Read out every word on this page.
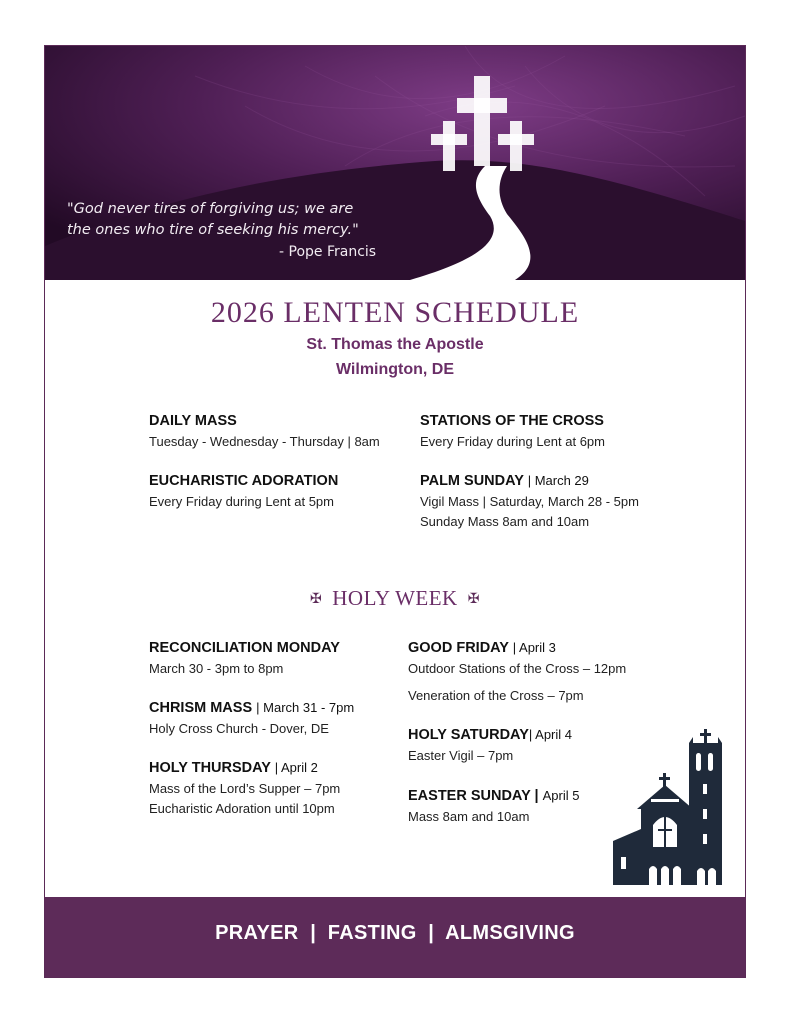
"God never tires of forgiving us; we are
the ones who tire of seeking his mercy."
- Pope Francis
2026 LENTEN SCHEDULE
St. Thomas the Apostle
Wilmington, DE
DAILY MASS
Tuesday - Wednesday - Thursday | 8am
STATIONS OF THE CROSS
Every Friday during Lent at 6pm
EUCHARISTIC ADORATION
Every Friday during Lent at 5pm
PALM SUNDAY | March 29
Vigil Mass | Saturday, March 28 - 5pm
Sunday Mass 8am and 10am
✠ HOLY WEEK ✠
RECONCILIATION MONDAY
March 30 - 3pm to 8pm
CHRISM MASS | March 31 - 7pm
Holy Cross Church - Dover, DE
HOLY THURSDAY | April 2
Mass of the Lord’s Supper – 7pm
Eucharistic Adoration until 10pm
GOOD FRIDAY | April 3
Outdoor Stations of the Cross – 12pm
Veneration of the Cross – 7pm
HOLY SATURDAY| April 4
Easter Vigil – 7pm
EASTER SUNDAY | April 5
Mass 8am and 10am
PRAYER  |  FASTING  |  ALMSGIVING
